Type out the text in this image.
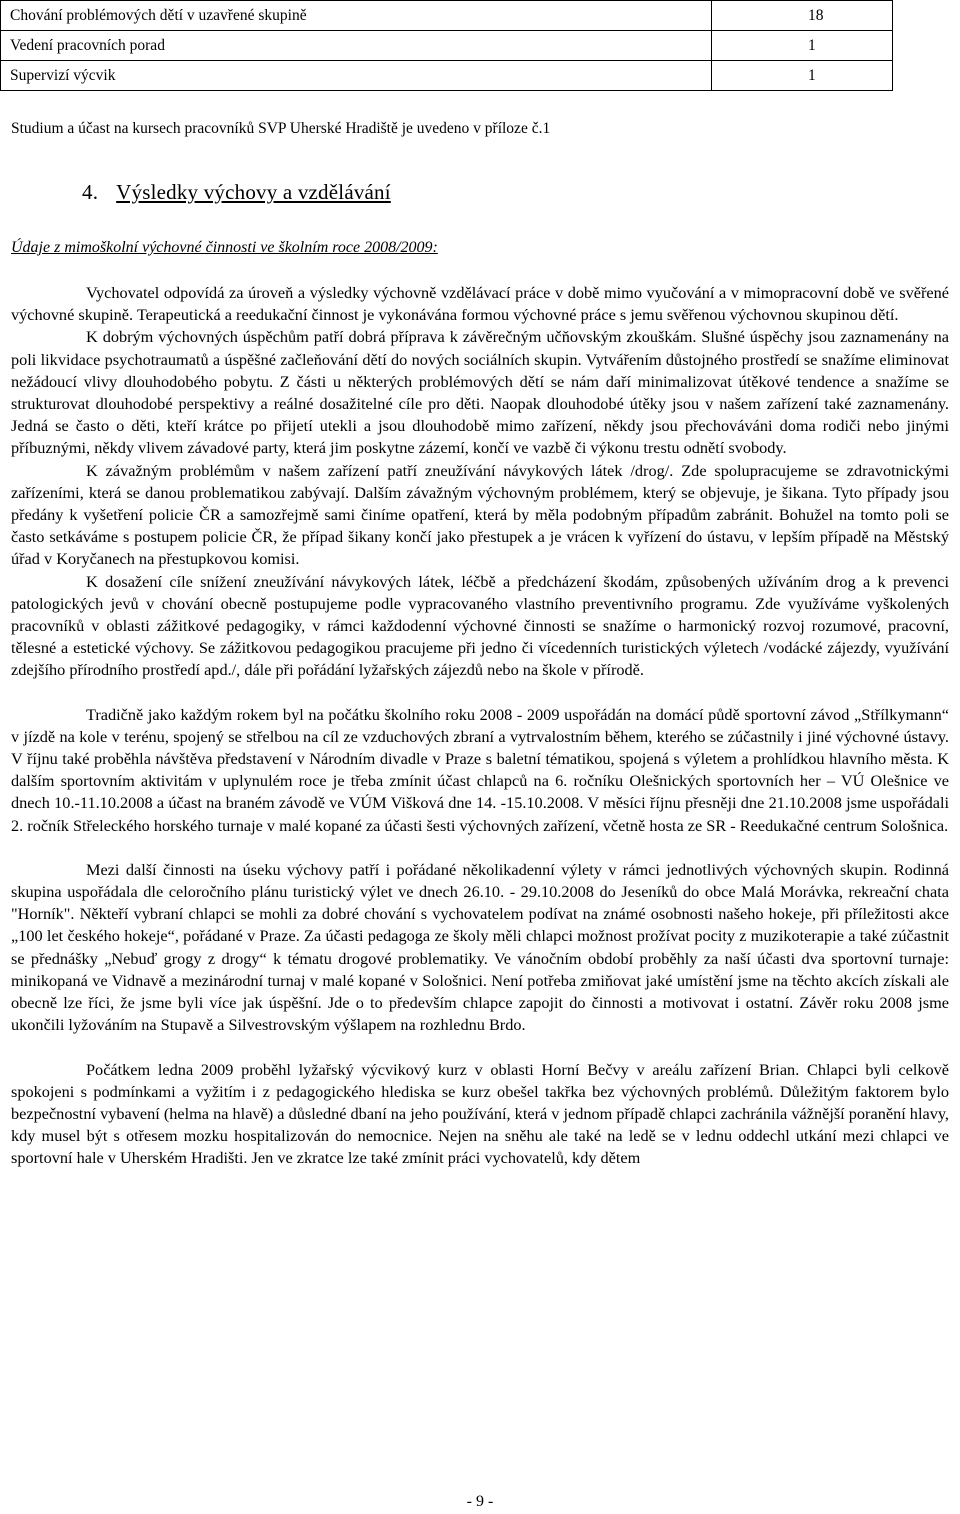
Chování problémových dětí v uzavřené skupině	18
Vedení pracovních porad	1
Supervizí výcvik	1
Studium a účast na kursech pracovníků SVP Uherské Hradiště je uvedeno v příloze č.1
4. Výsledky výchovy a vzdělávání
Údaje z mimoškolní výchovné činnosti ve školním roce 2008/2009:

Vychovatel odpovídá za úroveň a výsledky výchovně vzdělávací práce v době mimo vyučování a v mimopracovní době ve svěřené výchovné skupině. Terapeutická a reedukační činnost je vykonávána formou výchovné práce s jemu svěřenou výchovnou skupinou dětí.

K dobrým výchovných úspěchům patří dobrá příprava k závěrečným učňovským zkouškám. Slušné úspěchy jsou zaznamenány na poli likvidace psychotraumatů a úspěšné začleňování dětí do nových sociálních skupin. Vytvářením důstojného prostředí se snažíme eliminovat nežádoucí vlivy dlouhodobého pobytu. Z části u některých problémových dětí se nám daří minimalizovat útěkové tendence a snažíme se strukturovat dlouhodobé perspektivy a reálné dosažitelné cíle pro děti. Naopak dlouhodobé útěky jsou v našem zařízení také zaznamenány. Jedná se často o děti, kteří krátce po přijetí utekli a jsou dlouhodobě mimo zařízení, někdy jsou přechováváni doma rodiči nebo jinými příbuznými, někdy vlivem závadové party, která jim poskytne zázemí, končí ve vazbě či výkonu trestu odnětí svobody.

K závažným problémům v našem zařízení patří zneužívání návykových látek /drog/. Zde spolupracujeme se zdravotnickými zařízeními, která se danou problematikou zabývají. Dalším závažným výchovným problémem, který se objevuje, je šikana. Tyto případy jsou předány k vyšetření policie ČR a samozřejmě sami činíme opatření, která by měla podobným případům zabránit. Bohužel na tomto poli se často setkáváme s postupem policie ČR, že případ šikany končí jako přestupek a je vrácen k vyřízení do ústavu, v lepším případě na Městský úřad v Koryčanech na přestupkovou komisi.

K dosažení cíle snížení zneužívání návykových látek, léčbě a předcházení škodám, způsobených užíváním drog a k prevenci patologických jevů v chování obecně postupujeme podle vypracovaného vlastního preventivního programu. Zde využíváme vyškolených pracovníků v oblasti zážitkové pedagogiky, v rámci každodenní výchovné činnosti se snažíme o harmonický rozvoj rozumové, pracovní, tělesné a estetické výchovy. Se zážitkovou pedagogikou pracujeme při jedno či vícedenních turistických výletech /vodácké zájezdy, využívání zdejšího přírodního prostředí apd./, dále při pořádání lyžařských zájezdů nebo na škole v přírodě.

Tradičně jako každým rokem byl na počátku školního roku 2008 - 2009 uspořádán na domácí půdě sportovní závod „Střílkymann“ v jízdě na kole v terénu, spojený se střelbou na cíl ze vzduchových zbraní a vytrvalostním během, kterého se zúčastnily i jiné výchovné ústavy. V říjnu také proběhla návštěva představení v Národním divadle v Praze s baletní tématikou, spojená s výletem a prohlídkou hlavního města. K dalším sportovním aktivitám v uplynulém roce je třeba zmínit účast chlapců na 6. ročníku Olešnických sportovních her – VÚ Olešnice ve dnech 10.-11.10.2008 a účast na braném závodě ve VÚM Višková dne 14. -15.10.2008. V měsíci říjnu přesněji dne 21.10.2008 jsme uspořádali 2. ročník Střeleckého horského turnaje v malé kopané za účasti šesti výchovných zařízení, včetně hosta ze SR - Reedukačné centrum Sološnica.

Mezi další činnosti na úseku výchovy patří i pořádané několikadenní výlety v rámci jednotlivých výchovných skupin. Rodinná skupina uspořádala dle celoročního plánu turistický výlet ve dnech 26.10. - 29.10.2008 do Jeseníků do obce Malá Morávka, rekreační chata "Horník". Někteří vybraní chlapci se mohli za dobré chování s vychovatelem podívat na známé osobnosti našeho hokeje, při příležitosti akce „100 let českého hokeje“, pořádané v Praze. Za účasti pedagoga ze školy měli chlapci možnost prožívat pocity z muzikoterapie a také zúčastnit se přednášky „Nebuď grogy z drogy“ k tématu drogové problematiky. Ve vánočním období proběhly za naší účasti dva sportovní turnaje: minikopaná ve Vidnavě a mezinárodní turnaj v malé kopané v Sološnici. Není potřeba zmiňovat jaké umístění jsme na těchto akcích získali ale obecně lze říci, že jsme byli více jak úspěšní. Jde o to především chlapce zapojit do činnosti a motivovat i ostatní. Závěr roku 2008 jsme ukončili lyžováním na Stupavě a Silvestrovským výšlapem na rozhlednu Brdo.

Počátkem ledna 2009 proběhl lyžařský výcvikový kurz v oblasti Horní Bečvy v areálu zařízení Brian. Chlapci byli celkově spokojeni s podmínkami a vyžitím i z pedagogického hlediska se kurz obešel takřka bez výchovných problémů. Důležitým faktorem bylo bezpečnostní vybavení (helma na hlavě) a důsledné dbaní na jeho používání, která v jednom případě chlapci zachránila vážnější poranění hlavy, kdy musel být s otřesem mozku hospitalizován do nemocnice. Nejen na sněhu ale také na ledě se v lednu oddechl utkání mezi chlapci ve sportovní hale v Uherském Hradišti. Jen ve zkratce lze také zmínit práci vychovatelů, kdy dětem

- 9 -
